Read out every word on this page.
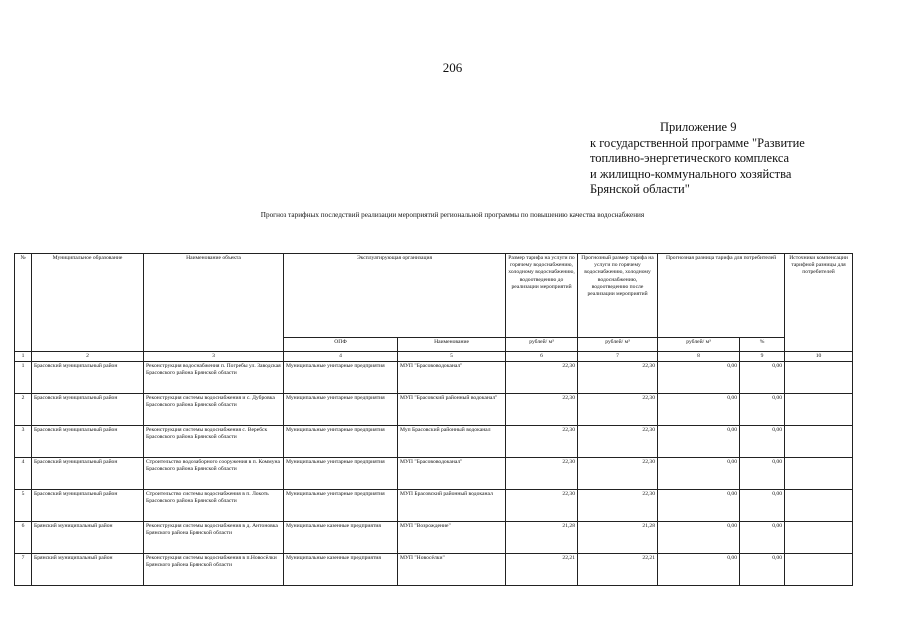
206
Приложение 9
к государственной программе "Развитие
топливно-энергетического комплекса
и жилищно-коммунального хозяйства
Брянской области"
Прогноз тарифных последствий реализации мероприятий региональной программы по повышению качества водоснабжения
№	Муниципальное образование	Наименование объекта	Эксплуатирующая организация		Размер тарифа на услуги по горячему водоснабжению, холодному водоснабжению, водоотведению до реализации мероприятий	Прогнозный размер тарифа на услуги по горячему водоснабжению, холодному водоснабжению, водоотведению после реализации мероприятий	Прогнозная разница тарифа для потребителей		Источники компенсации тарифной разницы для потребителей
			ОПФ	Наименование	рублей/ м³	рублей/ м³	рублей/ м³	%	
1	2	3	4	5	6	7	8	9	10
1	Брасовский муниципальный район	Реконструкция водоснабжения п. Погребы ул. Заводская Брасовского района Брянской области	Муниципальные унитарные предприятия	МУП "Брасововодоканал"	22,30	22,30	0,00	0,00	
2	Брасовский муниципальный район	Реконструкция системы водоснабжения и с. Дубровка Брасовского района Брянской области	Муниципальные унитарные предприятия	МУП "Брасовский районный водоканал"	22,30	22,30	0,00	0,00	
3	Брасовский муниципальный район	Реконструкция системы водоснабжения с. Веребск Брасовского района Брянской области	Муниципальные унитарные предприятия	Муп Брасовский районный водоканал	22,30	22,30	0,00	0,00	
4	Брасовский муниципальный район	Строительство водозаборного сооружения в п. Коммуна Брасовского района Брянской области	Муниципальные унитарные предприятия	МУП "Брасововодоканал"	22,30	22,30	0,00	0,00	
5	Брасовский муниципальный район	Строительство системы водоснабжения в п. Локоть Брасовского района Брянской области	Муниципальные унитарные предприятия	МУП Брасовский районный водоканал	22,30	22,30	0,00	0,00	
6	Брянский муниципальный район	Реконструкция системы водоснабжения в д. Антоновка Брянского района Брянской области	Муниципальные казенные предприятия	МУП "Возрождение"	21,28	21,28	0,00	0,00	
7	Брянский муниципальный район	Реконструкция системы водоснабжения в п.Новосёлки Брянского района Брянской области	Муниципальные казенные предприятия	МУП "Новосёлки"	22,21	22,21	0,00	0,00	
